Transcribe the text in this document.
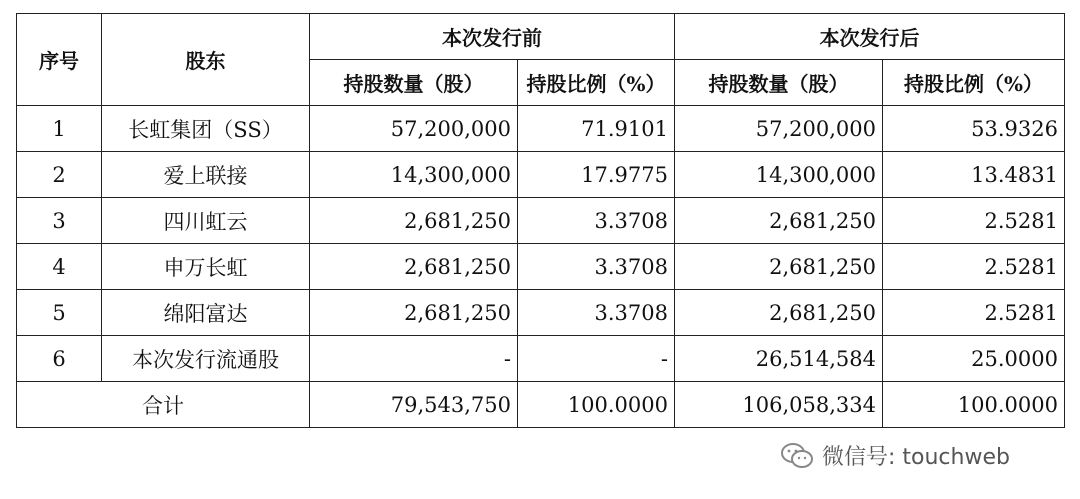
序号	股东	本次发行前		本次发行后	
		持股数量（股）	持股比例（%）	持股数量（股）	持股比例（%）
1	长虹集团（SS）	57,200,000	71.9101	57,200,000	53.9326
2	爱上联接	14,300,000	17.9775	14,300,000	13.4831
3	四川虹云	2,681,250	3.3708	2,681,250	2.5281
4	申万长虹	2,681,250	3.3708	2,681,250	2.5281
5	绵阳富达	2,681,250	3.3708	2,681,250	2.5281
6	本次发行流通股	-	-	26,514,584	25.0000
合计		79,543,750	100.0000	106,058,334	100.0000
微信号: touchweb
